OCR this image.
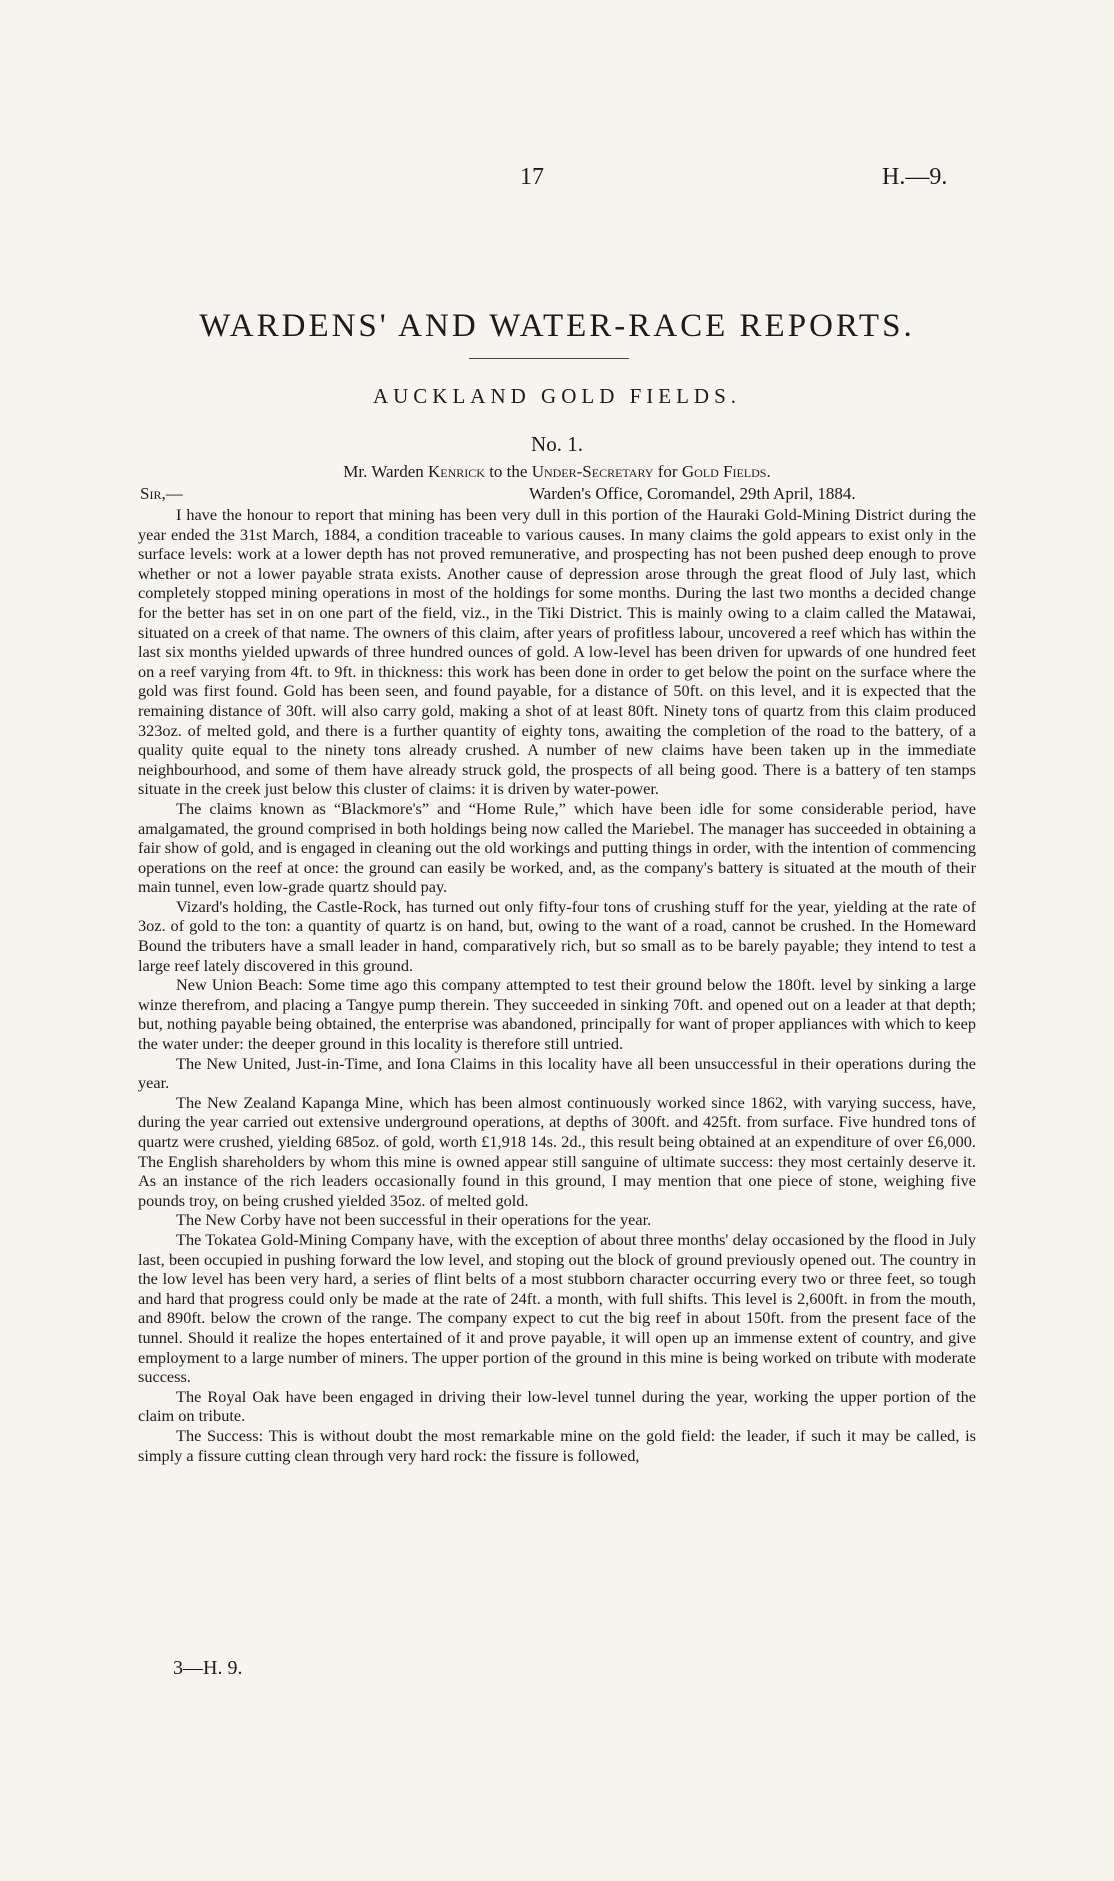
17	H.—9.
WARDENS' AND WATER-RACE REPORTS.
AUCKLAND GOLD FIELDS.
No. 1.
Mr. Warden Kenrick to the Under-Secretary for Gold Fields.
Sir,—	Warden's Office, Coromandel, 29th April, 1884.

I have the honour to report that mining has been very dull in this portion of the Hauraki Gold-Mining District during the year ended the 31st March, 1884, a condition traceable to various causes. In many claims the gold appears to exist only in the surface levels: work at a lower depth has not proved remunerative, and prospecting has not been pushed deep enough to prove whether or not a lower payable strata exists. Another cause of depression arose through the great flood of July last, which completely stopped mining operations in most of the holdings for some months. During the last two months a decided change for the better has set in on one part of the field, viz., in the Tiki District. This is mainly owing to a claim called the Matawai, situated on a creek of that name. The owners of this claim, after years of profitless labour, uncovered a reef which has within the last six months yielded upwards of three hundred ounces of gold. A low-level has been driven for upwards of one hundred feet on a reef varying from 4ft. to 9ft. in thickness: this work has been done in order to get below the point on the surface where the gold was first found. Gold has been seen, and found payable, for a distance of 50ft. on this level, and it is expected that the remaining distance of 30ft. will also carry gold, making a shot of at least 80ft. Ninety tons of quartz from this claim produced 323oz. of melted gold, and there is a further quantity of eighty tons, awaiting the completion of the road to the battery, of a quality quite equal to the ninety tons already crushed. A number of new claims have been taken up in the immediate neighbourhood, and some of them have already struck gold, the prospects of all being good. There is a battery of ten stamps situate in the creek just below this cluster of claims: it is driven by water-power.

The claims known as “Blackmore's” and “Home Rule,” which have been idle for some considerable period, have amalgamated, the ground comprised in both holdings being now called the Mariebel. The manager has succeeded in obtaining a fair show of gold, and is engaged in cleaning out the old workings and putting things in order, with the intention of commencing operations on the reef at once: the ground can easily be worked, and, as the company's battery is situated at the mouth of their main tunnel, even low-grade quartz should pay.

Vizard's holding, the Castle-Rock, has turned out only fifty-four tons of crushing stuff for the year, yielding at the rate of 3oz. of gold to the ton: a quantity of quartz is on hand, but, owing to the want of a road, cannot be crushed. In the Homeward Bound the tributers have a small leader in hand, comparatively rich, but so small as to be barely payable; they intend to test a large reef lately discovered in this ground.

New Union Beach: Some time ago this company attempted to test their ground below the 180ft. level by sinking a large winze therefrom, and placing a Tangye pump therein. They succeeded in sinking 70ft. and opened out on a leader at that depth; but, nothing payable being obtained, the enterprise was abandoned, principally for want of proper appliances with which to keep the water under: the deeper ground in this locality is therefore still untried.

The New United, Just-in-Time, and Iona Claims in this locality have all been unsuccessful in their operations during the year.

The New Zealand Kapanga Mine, which has been almost continuously worked since 1862, with varying success, have, during the year carried out extensive underground operations, at depths of 300ft. and 425ft. from surface. Five hundred tons of quartz were crushed, yielding 685oz. of gold, worth £1,918 14s. 2d., this result being obtained at an expenditure of over £6,000. The English shareholders by whom this mine is owned appear still sanguine of ultimate success: they most certainly deserve it. As an instance of the rich leaders occasionally found in this ground, I may mention that one piece of stone, weighing five pounds troy, on being crushed yielded 35oz. of melted gold.

The New Corby have not been successful in their operations for the year.

The Tokatea Gold-Mining Company have, with the exception of about three months' delay occasioned by the flood in July last, been occupied in pushing forward the low level, and stoping out the block of ground previously opened out. The country in the low level has been very hard, a series of flint belts of a most stubborn character occurring every two or three feet, so tough and hard that progress could only be made at the rate of 24ft. a month, with full shifts. This level is 2,600ft. in from the mouth, and 890ft. below the crown of the range. The company expect to cut the big reef in about 150ft. from the present face of the tunnel. Should it realize the hopes entertained of it and prove payable, it will open up an immense extent of country, and give employment to a large number of miners. The upper portion of the ground in this mine is being worked on tribute with moderate success.

The Royal Oak have been engaged in driving their low-level tunnel during the year, working the upper portion of the claim on tribute.

The Success: This is without doubt the most remarkable mine on the gold field: the leader, if such it may be called, is simply a fissure cutting clean through very hard rock: the fissure is followed,

3—H. 9.
